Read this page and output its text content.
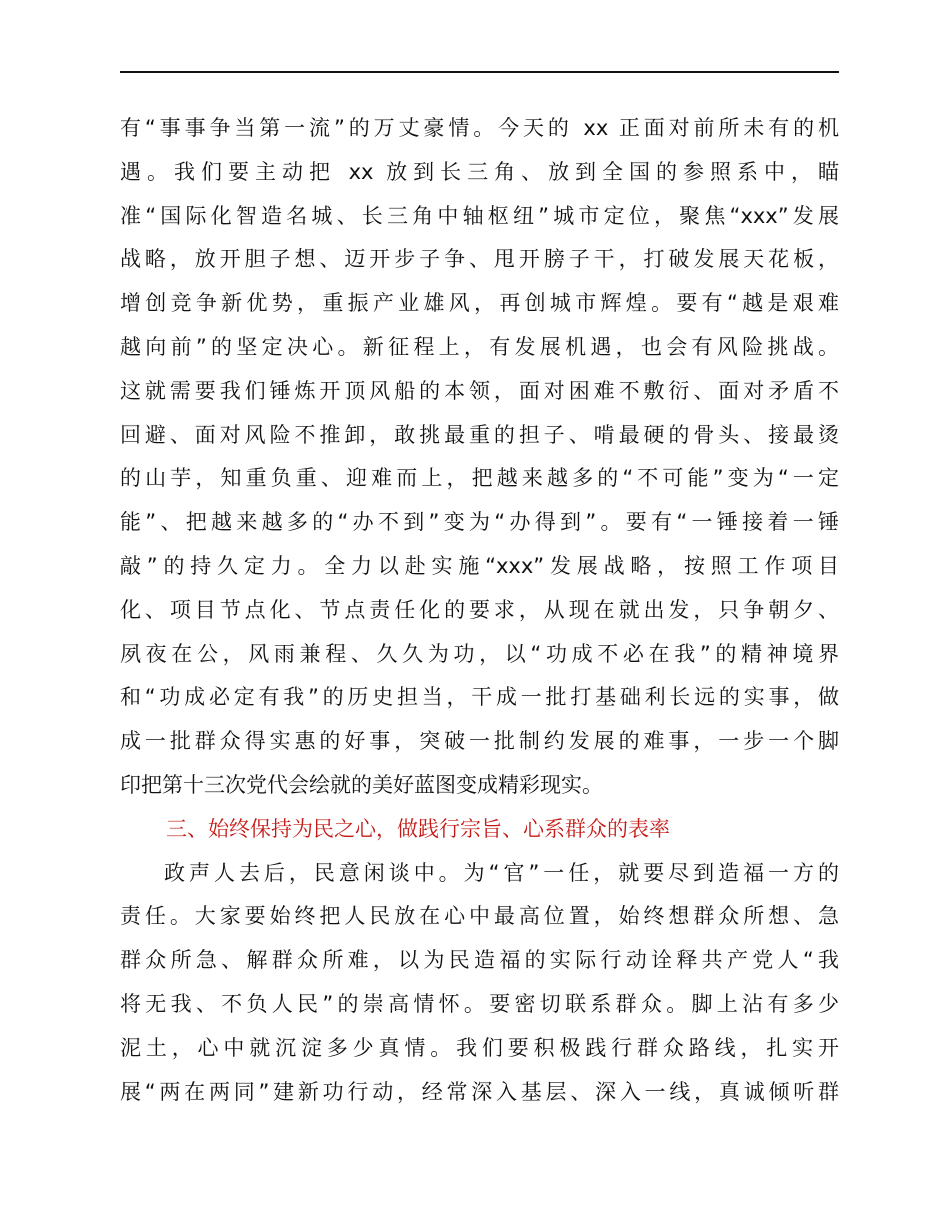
有“事事争当第一流”的万丈豪情。今天的 xx 正面对前所未有的机
遇。我们要主动把 xx 放到长三角、放到全国的参照系中，瞄
准“国际化智造名城、长三角中轴枢纽”城市定位，聚焦“xxx”发展
战略，放开胆子想、迈开步子争、甩开膀子干，打破发展天花板，
增创竞争新优势，重振产业雄风，再创城市辉煌。要有“越是艰难
越向前”的坚定决心。新征程上，有发展机遇，也会有风险挑战。
这就需要我们锤炼开顶风船的本领，面对困难不敷衍、面对矛盾不
回避、面对风险不推卸，敢挑最重的担子、啃最硬的骨头、接最烫
的山芋，知重负重、迎难而上，把越来越多的“不可能”变为“一定
能”、把越来越多的“办不到”变为“办得到”。要有“一锤接着一锤
敲”的持久定力。全力以赴实施“xxx”发展战略，按照工作项目
化、项目节点化、节点责任化的要求，从现在就出发，只争朝夕、
夙夜在公，风雨兼程、久久为功，以“功成不必在我”的精神境界
和“功成必定有我”的历史担当，干成一批打基础利长远的实事，做
成一批群众得实惠的好事，突破一批制约发展的难事，一步一个脚
印把第十三次党代会绘就的美好蓝图变成精彩现实。
三、始终保持为民之心，做践行宗旨、心系群众的表率
政声人去后，民意闲谈中。为“官”一任，就要尽到造福一方的
责任。大家要始终把人民放在心中最高位置，始终想群众所想、急
群众所急、解群众所难，以为民造福的实际行动诠释共产党人“我
将无我、不负人民”的崇高情怀。要密切联系群众。脚上沾有多少
泥土，心中就沉淀多少真情。我们要积极践行群众路线，扎实开
展“两在两同”建新功行动，经常深入基层、深入一线，真诚倾听群
